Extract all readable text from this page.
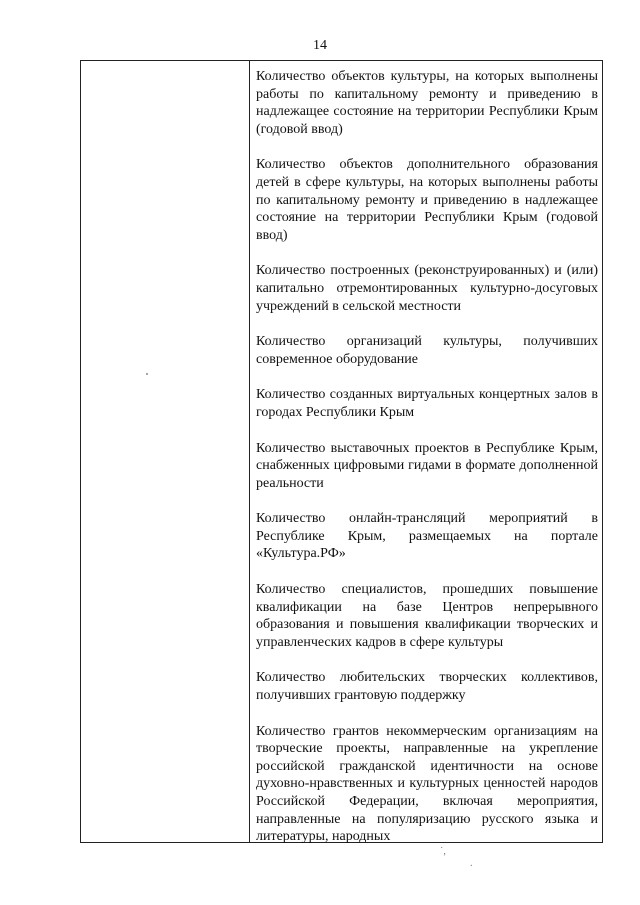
14

Количество объектов культуры, на которых выполнены работы по капитальному ремонту и приведению в надлежащее состояние на территории Республики Крым (годовой ввод)

Количество объектов дополнительного образования детей в сфере культуры, на которых выполнены работы по капитальному ремонту и приведению в надлежащее состояние на территории Республики Крым (годовой ввод)

Количество построенных (реконструированных) и (или) капитально отремонтированных культурно-досуговых учреждений в сельской местности

Количество организаций культуры, получивших современное оборудование

Количество созданных виртуальных концертных залов в городах Республики Крым

Количество выставочных проектов в Республике Крым, снабженных цифровыми гидами в формате дополненной реальности

Количество онлайн-трансляций мероприятий в Республике Крым, размещаемых на портале «Культура.РФ»

Количество специалистов, прошедших повышение квалификации на базе Центров непрерывного образования и повышения квалификации творческих и управленческих кадров в сфере культуры

Количество любительских творческих коллективов, получивших грантовую поддержку

Количество грантов некоммерческим организациям на творческие проекты, направленные на укрепление российской гражданской идентичности на основе духовно-нравственных и культурных ценностей народов Российской Федерации, включая мероприятия, направленные на популяризацию русского языка и литературы, народных

˙,
.
